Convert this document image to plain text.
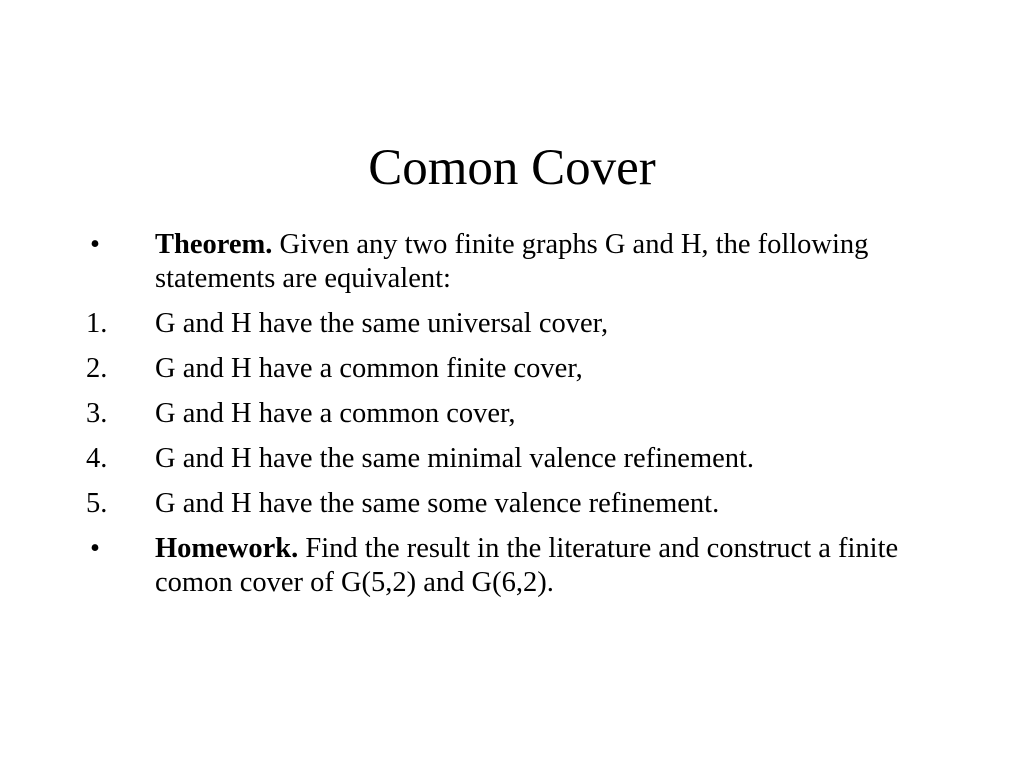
Comon Cover
•	Theorem. Given any two finite graphs G and H, the following statements are equivalent:
1.	G and H have the same universal cover,
2.	G and H have a common finite cover,
3.	G and H have a common cover,
4.	G and H have the same minimal valence refinement.
5.	G and H have the same some valence refinement.
•	Homework. Find the result in the literature and construct a finite comon cover of G(5,2) and G(6,2).
